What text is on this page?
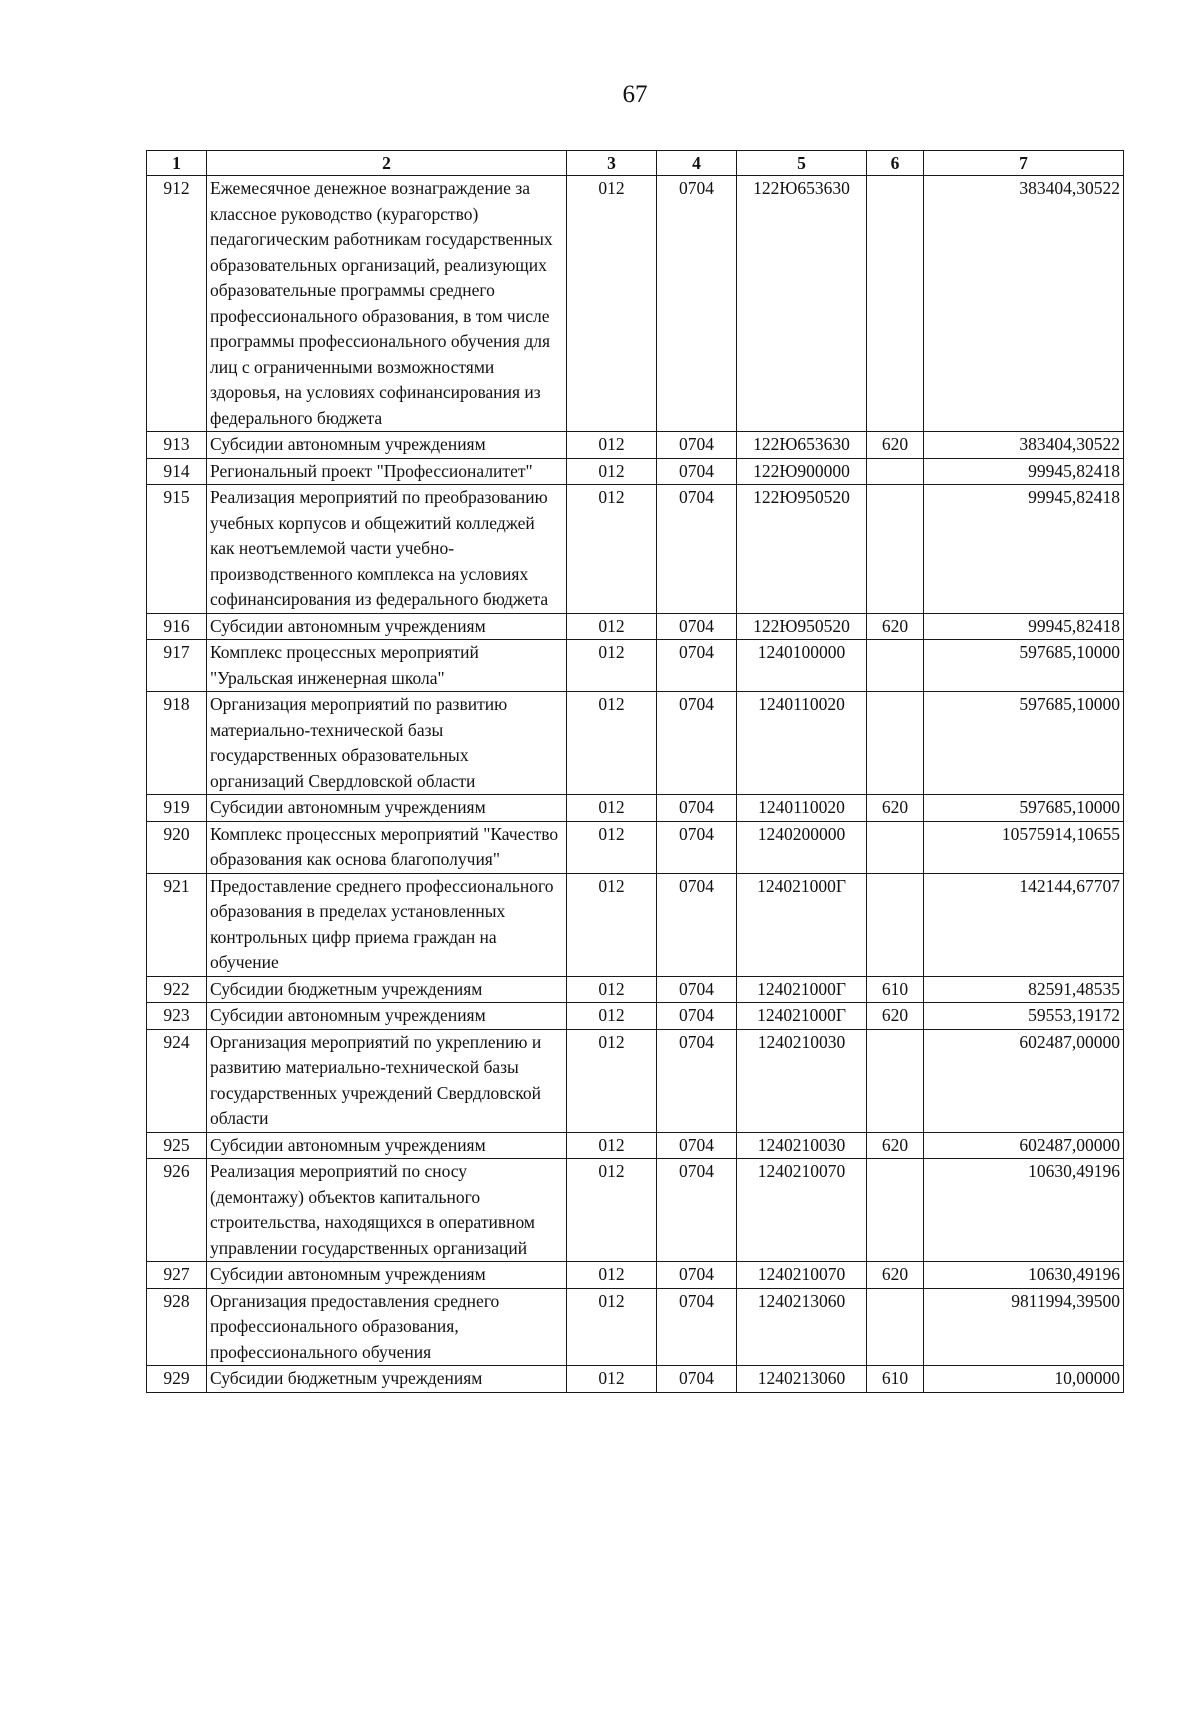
67
1	2	3	4	5	6	7
912	Ежемесячное денежное вознаграждение за классное руководство (курагорство) педагогическим работникам государственных образовательных организаций, реализующих образовательные программы среднего профессионального образования, в том числе программы профессионального обучения для лиц с ограниченными возможностями здоровья, на условиях софинансирования из федерального бюджета	012	0704	122Ю653630		383404,30522
913	Субсидии автономным учреждениям	012	0704	122Ю653630	620	383404,30522
914	Региональный проект "Профессионалитет"	012	0704	122Ю900000		99945,82418
915	Реализация мероприятий по преобразованию учебных корпусов и общежитий колледжей как неотъемлемой части учебно-производственного комплекса на условиях софинансирования из федерального бюджета	012	0704	122Ю950520		99945,82418
916	Субсидии автономным учреждениям	012	0704	122Ю950520	620	99945,82418
917	Комплекс процессных мероприятий "Уральская инженерная школа"	012	0704	1240100000		597685,10000
918	Организация мероприятий по развитию материально-технической базы государственных образовательных организаций Свердловской области	012	0704	1240110020		597685,10000
919	Субсидии автономным учреждениям	012	0704	1240110020	620	597685,10000
920	Комплекс процессных мероприятий "Качество образования как основа благополучия"	012	0704	1240200000		10575914,10655
921	Предоставление среднего профессионального образования в пределах установленных контрольных цифр приема граждан на обучение	012	0704	124021000Г		142144,67707
922	Субсидии бюджетным учреждениям	012	0704	124021000Г	610	82591,48535
923	Субсидии автономным учреждениям	012	0704	124021000Г	620	59553,19172
924	Организация мероприятий по укреплению и развитию материально-технической базы государственных учреждений Свердловской области	012	0704	1240210030		602487,00000
925	Субсидии автономным учреждениям	012	0704	1240210030	620	602487,00000
926	Реализация мероприятий по сносу (демонтажу) объектов капитального строительства, находящихся в оперативном управлении государственных организаций	012	0704	1240210070		10630,49196
927	Субсидии автономным учреждениям	012	0704	1240210070	620	10630,49196
928	Организация предоставления среднего профессионального образования, профессионального обучения	012	0704	1240213060		9811994,39500
929	Субсидии бюджетным учреждениям	012	0704	1240213060	610	10,00000
